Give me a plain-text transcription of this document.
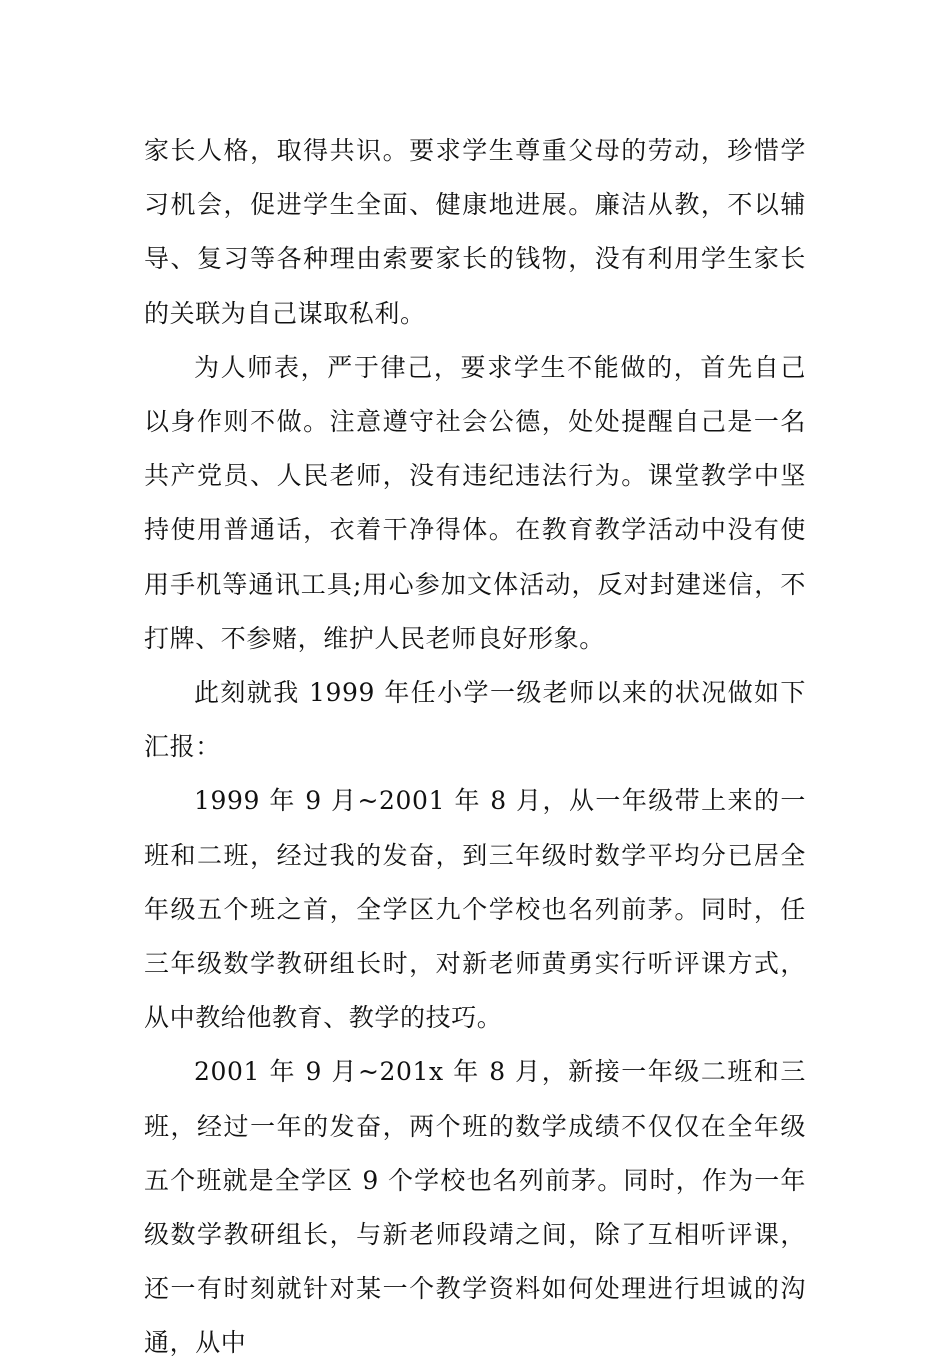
家长人格，取得共识。要求学生尊重父母的劳动，珍惜学习机会，促进学生全面、健康地进展。廉洁从教，不以辅导、复习等各种理由索要家长的钱物，没有利用学生家长的关联为自己谋取私利。

为人师表，严于律己，要求学生不能做的，首先自己以身作则不做。注意遵守社会公德，处处提醒自己是一名共产党员、人民老师，没有违纪违法行为。课堂教学中坚持使用普通话，衣着干净得体。在教育教学活动中没有使用手机等通讯工具;用心参加文体活动，反对封建迷信，不打牌、不参赌，维护人民老师良好形象。

此刻就我 1999 年任小学一级老师以来的状况做如下汇报：

1999 年 9 月~2001 年 8 月，从一年级带上来的一班和二班，经过我的发奋，到三年级时数学平均分已居全年级五个班之首，全学区九个学校也名列前茅。同时，任三年级数学教研组长时，对新老师黄勇实行听评课方式，从中教给他教育、教学的技巧。

2001 年 9 月~201x 年 8 月，新接一年级二班和三班，经过一年的发奋，两个班的数学成绩不仅仅在全年级五个班就是全学区 9 个学校也名列前茅。同时，作为一年级数学教研组长，与新老师段靖之间，除了互相听评课，还一有时刻就针对某一个教学资料如何处理进行坦诚的沟通，从中
